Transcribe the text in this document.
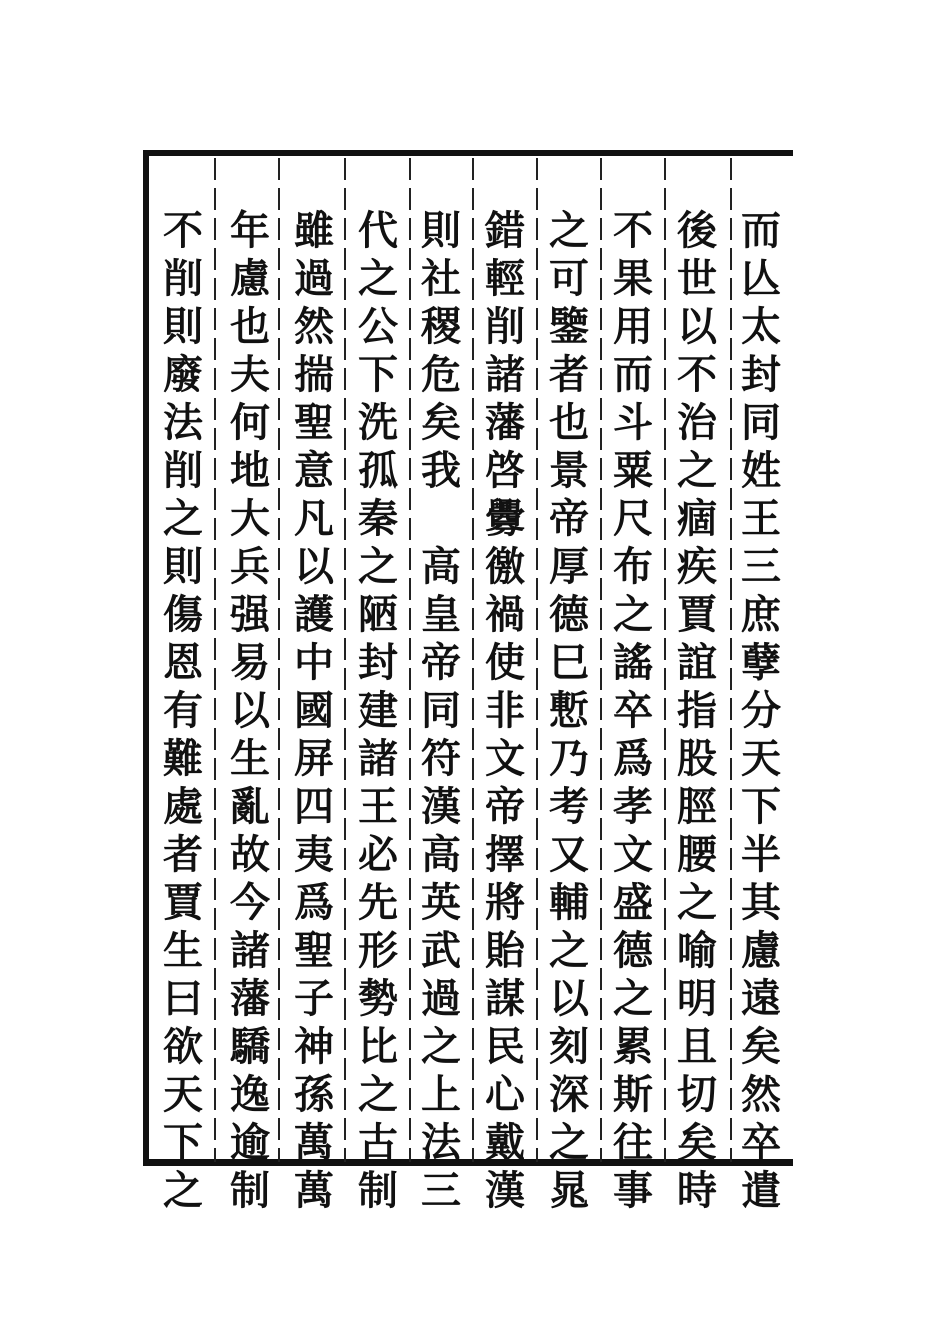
而
亾
太
封
同
姓
王
三
庶
孽
分
天
下
半
其
慮
遠
矣
然
卒
遣
後
世
以
不
治
之
痼
疾
賈
誼
指
股
脛
腰
之
喻
明
且
切
矣
時
不
果
用
而
斗
粟
尺
布
之
謠
卒
爲
孝
文
盛
德
之
累
斯
往
事
之
可
鑒
者
也
景
帝
厚
德
巳
慙
乃
考
又
輔
之
以
刻
深
之
晁
錯
輕
削
諸
藩
啓
釁
徼
禍
使
非
文
帝
擇
將
貽
謀
民
心
戴
漢
則
社
稷
危
矣
我

高
皇
帝
同
符
漢
高
英
武
過
之
上
法
三
代
之
公
下
洗
孤
秦
之
陋
封
建
諸
王
必
先
形
勢
比
之
古
制
雖
過
然
揣
聖
意
凡
以
護
中
國
屏
四
夷
爲
聖
子
神
孫
萬
萬
年
慮
也
夫
何
地
大
兵
强
易
以
生
亂
故
今
諸
藩
驕
逸
逾
制
不
削
則
廢
法
削
之
則
傷
恩
有
難
處
者
賈
生
曰
欲
天
下
之
